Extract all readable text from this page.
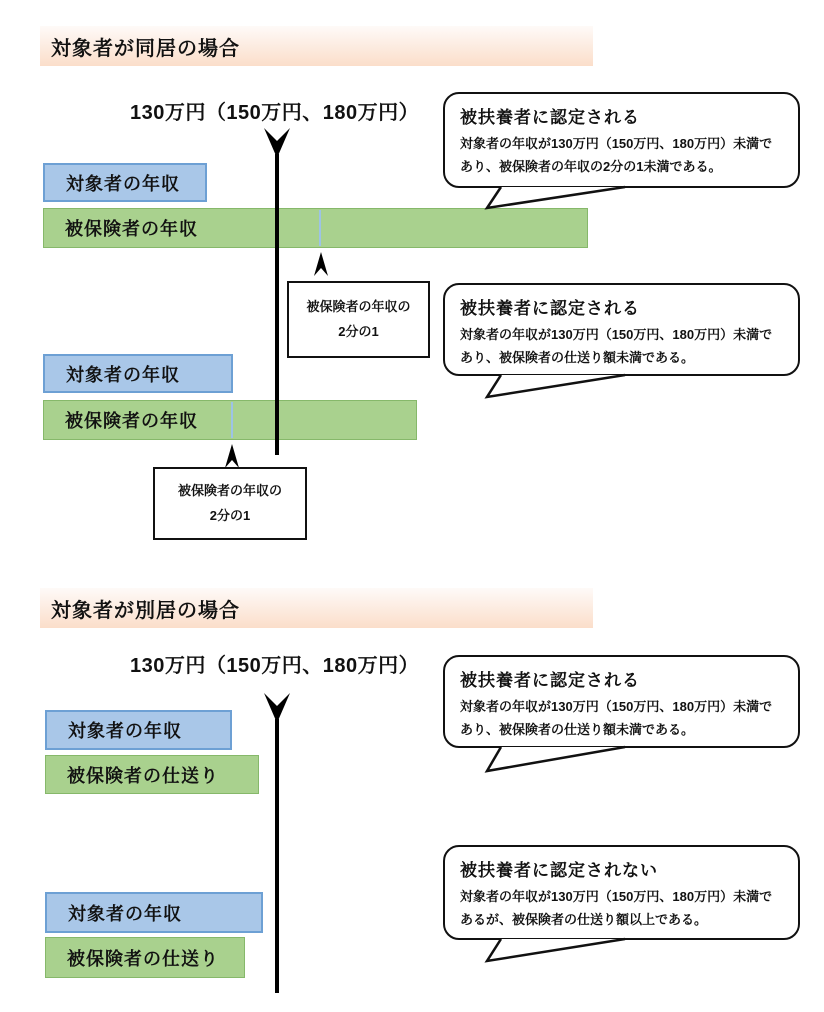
対象者が同居の場合
130万円（150万円、180万円）
対象者の年収
被保険者の年収
被保険者の年収の
2分の1
対象者の年収
被保険者の年収
被保険者の年収の
2分の1
被扶養者に認定される
対象者の年収が130万円（150万円、180万円）未満であり、被保険者の年収の2分の1未満である。
被扶養者に認定される
対象者の年収が130万円（150万円、180万円）未満であり、被保険者の仕送り額未満である。
対象者が別居の場合
130万円（150万円、180万円）
対象者の年収
被保険者の仕送り
対象者の年収
被保険者の仕送り
被扶養者に認定される
対象者の年収が130万円（150万円、180万円）未満であり、被保険者の仕送り額未満である。
被扶養者に認定されない
対象者の年収が130万円（150万円、180万円）未満であるが、被保険者の仕送り額以上である。
